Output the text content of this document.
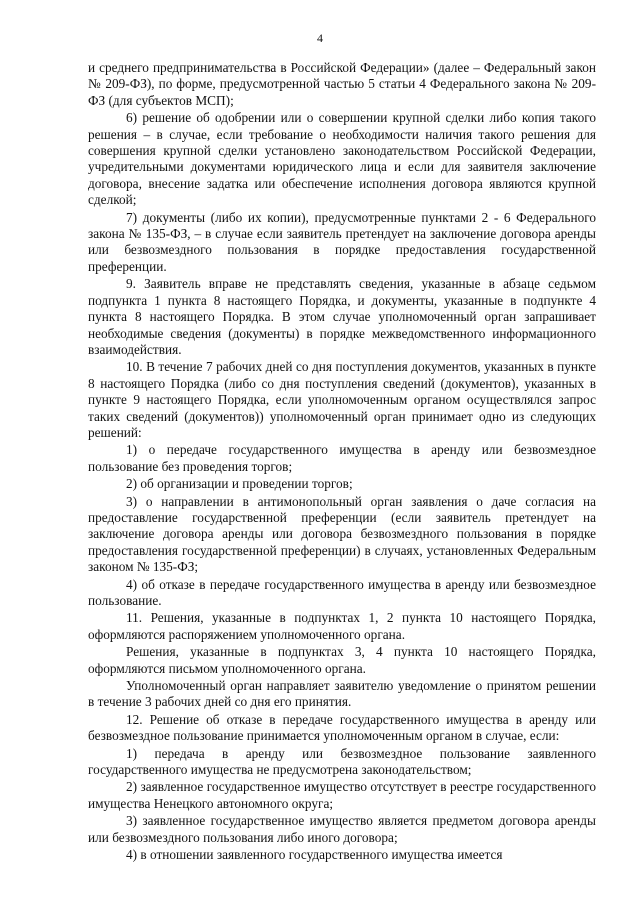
4

и среднего предпринимательства в Российской Федерации» (далее – Федеральный закон № 209-ФЗ), по форме, предусмотренной частью 5 статьи 4 Федерального закона № 209-ФЗ (для субъектов МСП);

6) решение об одобрении или о совершении крупной сделки либо копия такого решения – в случае, если требование о необходимости наличия такого решения для совершения крупной сделки установлено законодательством Российской Федерации, учредительными документами юридического лица и если для заявителя заключение договора, внесение задатка или обеспечение исполнения договора являются крупной сделкой;

7) документы (либо их копии), предусмотренные пунктами 2 - 6 Федерального закона № 135-ФЗ, – в случае если заявитель претендует на заключение договора аренды или безвозмездного пользования в порядке предоставления государственной преференции.

9. Заявитель вправе не представлять сведения, указанные в абзаце седьмом подпункта 1 пункта 8 настоящего Порядка, и документы, указанные в подпункте 4 пункта 8 настоящего Порядка. В этом случае уполномоченный орган запрашивает необходимые сведения (документы) в порядке межведомственного информационного взаимодействия.

10. В течение 7 рабочих дней со дня поступления документов, указанных в пункте 8 настоящего Порядка (либо со дня поступления сведений (документов), указанных в пункте 9 настоящего Порядка, если уполномоченным органом осуществлялся запрос таких сведений (документов)) уполномоченный орган принимает одно из следующих решений:

1) о передаче государственного имущества в аренду или безвозмездное пользование без проведения торгов;

2) об организации и проведении торгов;

3) о направлении в антимонопольный орган заявления о даче согласия на предоставление государственной преференции (если заявитель претендует на заключение договора аренды или договора безвозмездного пользования в порядке предоставления государственной преференции) в случаях, установленных Федеральным законом № 135-ФЗ;

4) об отказе в передаче государственного имущества в аренду или безвозмездное пользование.

11. Решения, указанные в подпунктах 1, 2 пункта 10 настоящего Порядка, оформляются распоряжением уполномоченного органа.

Решения, указанные в подпунктах 3, 4 пункта 10 настоящего Порядка, оформляются письмом уполномоченного органа.

Уполномоченный орган направляет заявителю уведомление о принятом решении в течение 3 рабочих дней со дня его принятия.

12. Решение об отказе в передаче государственного имущества в аренду или безвозмездное пользование принимается уполномоченным органом в случае, если:

1) передача в аренду или безвозмездное пользование заявленного государственного имущества не предусмотрена законодательством;

2) заявленное государственное имущество отсутствует в реестре государственного имущества Ненецкого автономного округа;

3) заявленное государственное имущество является предметом договора аренды или безвозмездного пользования либо иного договора;

4) в отношении заявленного государственного имущества имеется
